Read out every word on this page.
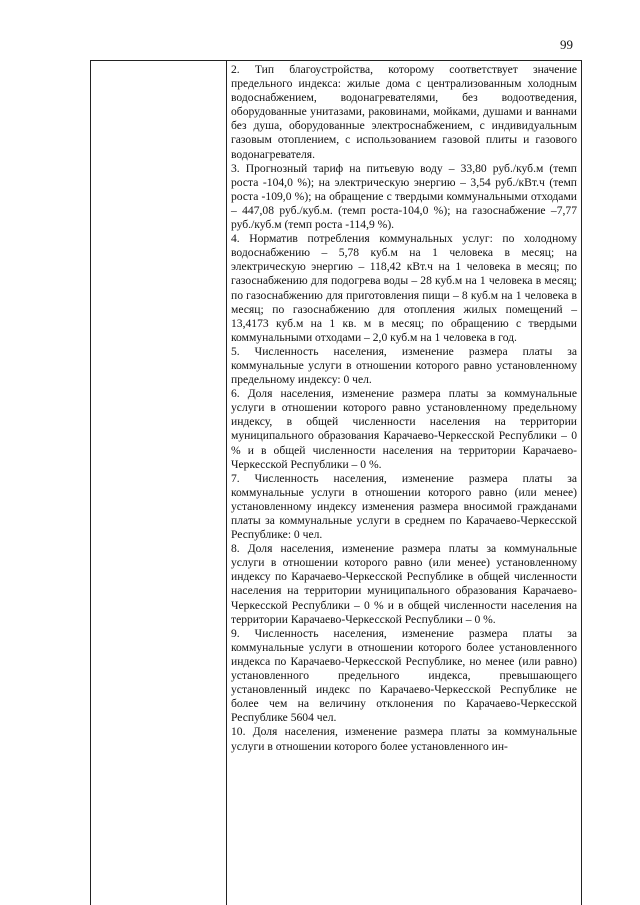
99

2. Тип благоустройства, которому соответствует значение предельного индекса: жилые дома с централизованным холодным водоснабжением, водонагревателями, без водоотведения, оборудованные унитазами, раковинами, мойками, душами и ваннами без душа, оборудованные электроснабжением, с индивидуальным газовым отоплением, с использованием газовой плиты и газового водонагревателя.

3. Прогнозный тариф на питьевую воду – 33,80 руб./куб.м (темп роста -104,0 %); на электрическую энергию – 3,54 руб./кВт.ч (темп роста -109,0 %); на обращение с твердыми коммунальными отходами – 447,08 руб./куб.м. (темп роста-104,0 %); на газоснабжение –7,77 руб./куб.м (темп роста -114,9 %).

4. Норматив потребления коммунальных услуг: по холодному водоснабжению – 5,78 куб.м на 1 человека в месяц; на электрическую энергию – 118,42 кВт.ч на 1 человека в месяц; по газоснабжению для подогрева воды – 28 куб.м на 1 человека в месяц; по газоснабжению для приготовления пищи – 8 куб.м на 1 человека в месяц; по газоснабжению для отопления жилых помещений – 13,4173 куб.м на 1 кв. м в месяц; по обращению с твердыми коммунальными отходами – 2,0 куб.м на 1 человека в год.

5. Численность населения, изменение размера платы за коммунальные услуги в отношении которого равно установленному предельному индексу: 0 чел.

6. Доля населения, изменение размера платы за коммунальные услуги в отношении которого равно установленному предельному индексу, в общей численности населения на территории муниципального образования Карачаево-Черкесской Республики – 0 % и в общей численности населения на территории Карачаево-Черкесской Республики – 0 %.

7. Численность населения, изменение размера платы за коммунальные услуги в отношении которого равно (или менее) установленному индексу изменения размера вносимой гражданами платы за коммунальные услуги в среднем по Карачаево-Черкесской Республике: 0 чел.

8. Доля населения, изменение размера платы за коммунальные услуги в отношении которого равно (или менее) установленному индексу по Карачаево-Черкесской Республике в общей численности населения на территории муниципального образования Карачаево-Черкесской Республики – 0 % и в общей численности населения на территории Карачаево-Черкесской Республики – 0 %.

9. Численность населения, изменение размера платы за коммунальные услуги в отношении которого более установленного индекса по Карачаево-Черкесской Республике, но менее (или равно) установленного предельного индекса, превышающего установленный индекс по Карачаево-Черкесской Республике не более чем на величину отклонения по Карачаево-Черкесской Республике 5604 чел.

10. Доля населения, изменение размера платы за коммунальные услуги в отношении которого более установленного ин-
